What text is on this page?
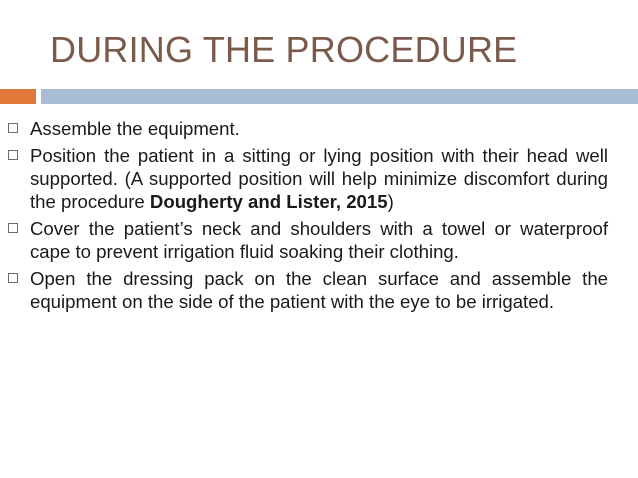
DURING THE PROCEDURE
Assemble the equipment.
Position the patient in a sitting or lying position with their head well supported. (A supported position will help minimize discomfort during the procedure Dougherty and Lister, 2015)
Cover the patient’s neck and shoulders with a towel or waterproof cape to prevent irrigation fluid soaking their clothing.
Open the dressing pack on the clean surface and assemble the equipment on the side of the patient with the eye to be irrigated.
